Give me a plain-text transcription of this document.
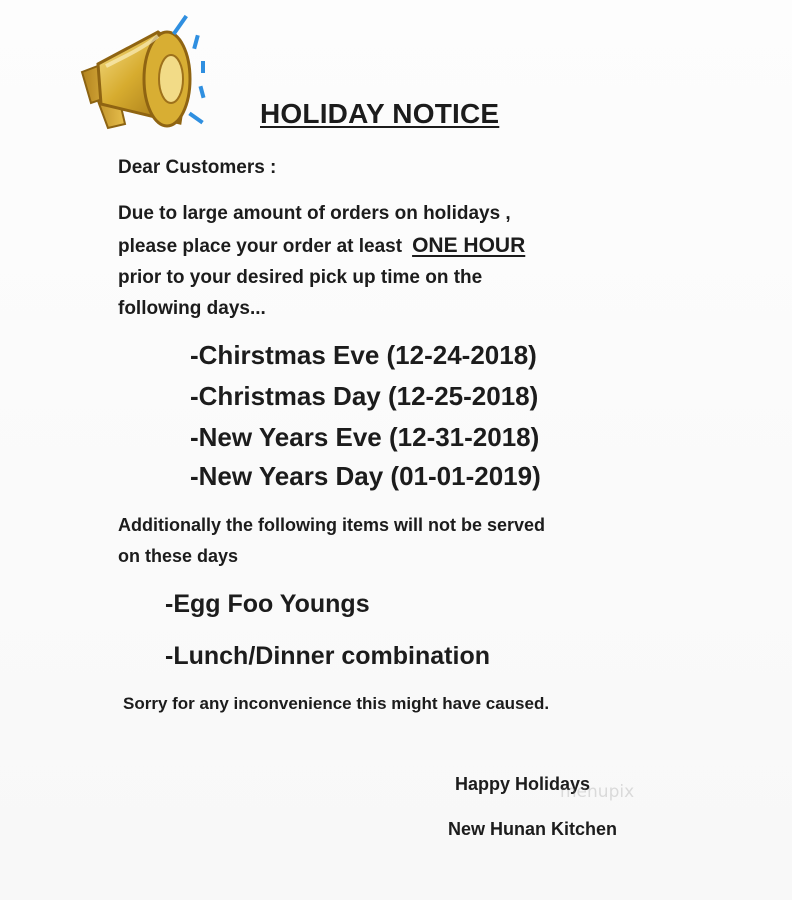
HOLIDAY NOTICE

Dear Customers :

Due to large amount of orders on holidays ,

please place your order at least ONE HOUR

prior to your desired pick up time on the

following days...

-Chirstmas Eve (12-24-2018)

-Christmas Day (12-25-2018)

-New Years Eve (12-31-2018)

-New Years Day (01-01-2019)

Additionally the following items will not be served

on these days

-Egg Foo Youngs

-Lunch/Dinner combination

Sorry for any inconvenience this might have caused.

Happy Holidays

New Hunan Kitchen

menupix
